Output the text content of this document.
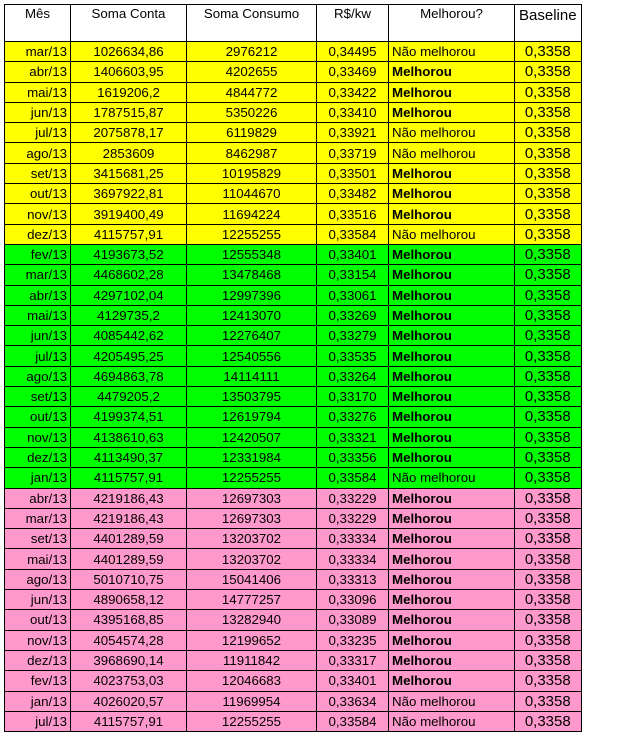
Mês	Soma Conta	Soma Consumo	R$/kw	Melhorou?	Baseline
mar/13	1026634,86	2976212	0,34495	Não melhorou	0,3358
abr/13	1406603,95	4202655	0,33469	Melhorou	0,3358
mai/13	1619206,2	4844772	0,33422	Melhorou	0,3358
jun/13	1787515,87	5350226	0,33410	Melhorou	0,3358
jul/13	2075878,17	6119829	0,33921	Não melhorou	0,3358
ago/13	2853609	8462987	0,33719	Não melhorou	0,3358
set/13	3415681,25	10195829	0,33501	Melhorou	0,3358
out/13	3697922,81	11044670	0,33482	Melhorou	0,3358
nov/13	3919400,49	11694224	0,33516	Melhorou	0,3358
dez/13	4115757,91	12255255	0,33584	Não melhorou	0,3358
fev/13	4193673,52	12555348	0,33401	Melhorou	0,3358
mar/13	4468602,28	13478468	0,33154	Melhorou	0,3358
abr/13	4297102,04	12997396	0,33061	Melhorou	0,3358
mai/13	4129735,2	12413070	0,33269	Melhorou	0,3358
jun/13	4085442,62	12276407	0,33279	Melhorou	0,3358
jul/13	4205495,25	12540556	0,33535	Melhorou	0,3358
ago/13	4694863,78	14114111	0,33264	Melhorou	0,3358
set/13	4479205,2	13503795	0,33170	Melhorou	0,3358
out/13	4199374,51	12619794	0,33276	Melhorou	0,3358
nov/13	4138610,63	12420507	0,33321	Melhorou	0,3358
dez/13	4113490,37	12331984	0,33356	Melhorou	0,3358
jan/13	4115757,91	12255255	0,33584	Não melhorou	0,3358
abr/13	4219186,43	12697303	0,33229	Melhorou	0,3358
mar/13	4219186,43	12697303	0,33229	Melhorou	0,3358
set/13	4401289,59	13203702	0,33334	Melhorou	0,3358
mai/13	4401289,59	13203702	0,33334	Melhorou	0,3358
ago/13	5010710,75	15041406	0,33313	Melhorou	0,3358
jun/13	4890658,12	14777257	0,33096	Melhorou	0,3358
out/13	4395168,85	13282940	0,33089	Melhorou	0,3358
nov/13	4054574,28	12199652	0,33235	Melhorou	0,3358
dez/13	3968690,14	11911842	0,33317	Melhorou	0,3358
fev/13	4023753,03	12046683	0,33401	Melhorou	0,3358
jan/13	4026020,57	11969954	0,33634	Não melhorou	0,3358
jul/13	4115757,91	12255255	0,33584	Não melhorou	0,3358
